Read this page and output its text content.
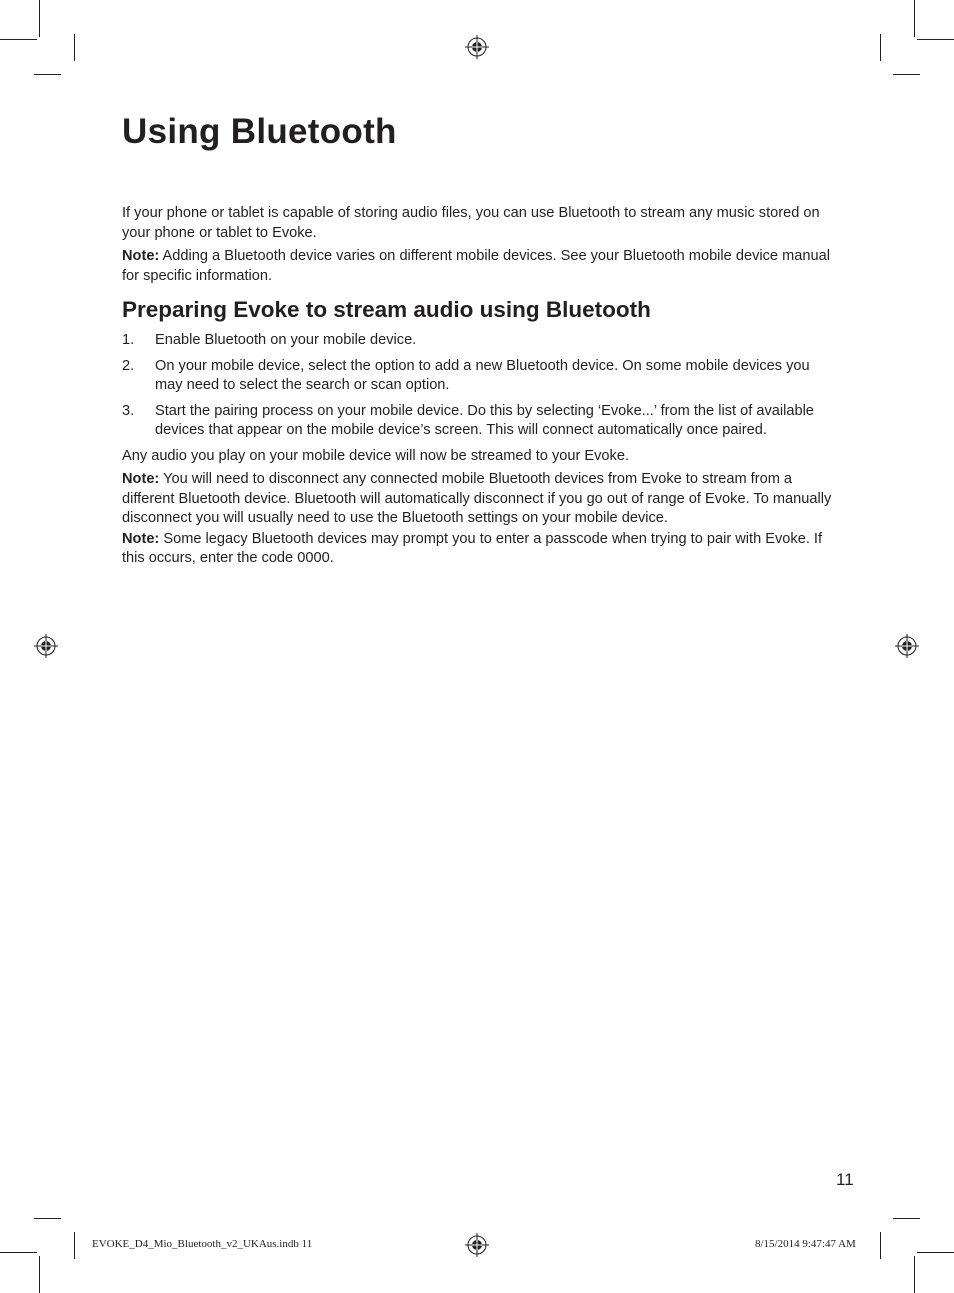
Using Bluetooth

If your phone or tablet is capable of storing audio files, you can use Bluetooth to stream any music stored on your phone or tablet to Evoke.

Note: Adding a Bluetooth device varies on different mobile devices. See your Bluetooth mobile device manual for specific information.

Preparing Evoke to stream audio using Bluetooth
1.	Enable Bluetooth on your mobile device.
2.	On your mobile device, select the option to add a new Bluetooth device. On some mobile devices you may need to select the search or scan option.
3.	Start the pairing process on your mobile device. Do this by selecting ‘Evoke...’ from the list of available devices that appear on the mobile device’s screen. This will connect automatically once paired.

Any audio you play on your mobile device will now be streamed to your Evoke.

Note: You will need to disconnect any connected mobile Bluetooth devices from Evoke to stream from a different Bluetooth device. Bluetooth will automatically disconnect if you go out of range of Evoke. To manually disconnect you will usually need to use the Bluetooth settings on your mobile device.

Note: Some legacy Bluetooth devices may prompt you to enter a passcode when trying to pair with Evoke. If this occurs, enter the code 0000.

11
EVOKE_D4_Mio_Bluetooth_v2_UKAus.indb 11	8/15/2014 9:47:47 AM
